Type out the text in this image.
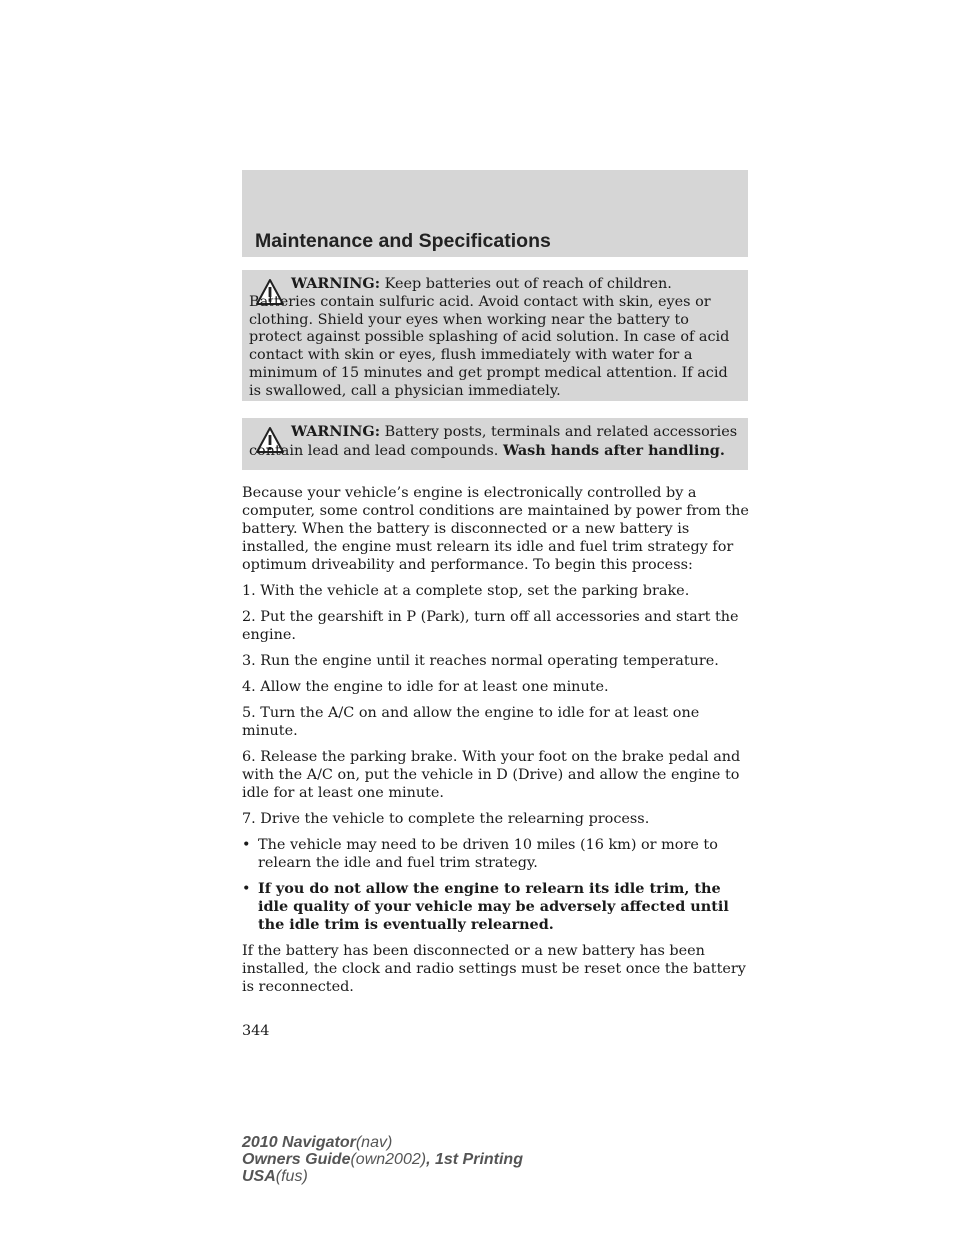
Maintenance and Specifications
WARNING: Keep batteries out of reach of children. Batteries contain sulfuric acid. Avoid contact with skin, eyes or clothing. Shield your eyes when working near the battery to protect against possible splashing of acid solution. In case of acid contact with skin or eyes, flush immediately with water for a minimum of 15 minutes and get prompt medical attention. If acid is swallowed, call a physician immediately.
WARNING: Battery posts, terminals and related accessories contain lead and lead compounds. Wash hands after handling.

Because your vehicle’s engine is electronically controlled by a computer, some control conditions are maintained by power from the battery. When the battery is disconnected or a new battery is installed, the engine must relearn its idle and fuel trim strategy for optimum driveability and performance. To begin this process:

1. With the vehicle at a complete stop, set the parking brake.

2. Put the gearshift in P (Park), turn off all accessories and start the engine.

3. Run the engine until it reaches normal operating temperature.

4. Allow the engine to idle for at least one minute.

5. Turn the A/C on and allow the engine to idle for at least one minute.

6. Release the parking brake. With your foot on the brake pedal and with the A/C on, put the vehicle in D (Drive) and allow the engine to idle for at least one minute.

7. Drive the vehicle to complete the relearning process.

• The vehicle may need to be driven 10 miles (16 km) or more to relearn the idle and fuel trim strategy.
• If you do not allow the engine to relearn its idle trim, the idle quality of your vehicle may be adversely affected until the idle trim is eventually relearned.

If the battery has been disconnected or a new battery has been installed, the clock and radio settings must be reset once the battery is reconnected.

344
2010 Navigator(nav)
Owners Guide(own2002), 1st Printing
USA(fus)
